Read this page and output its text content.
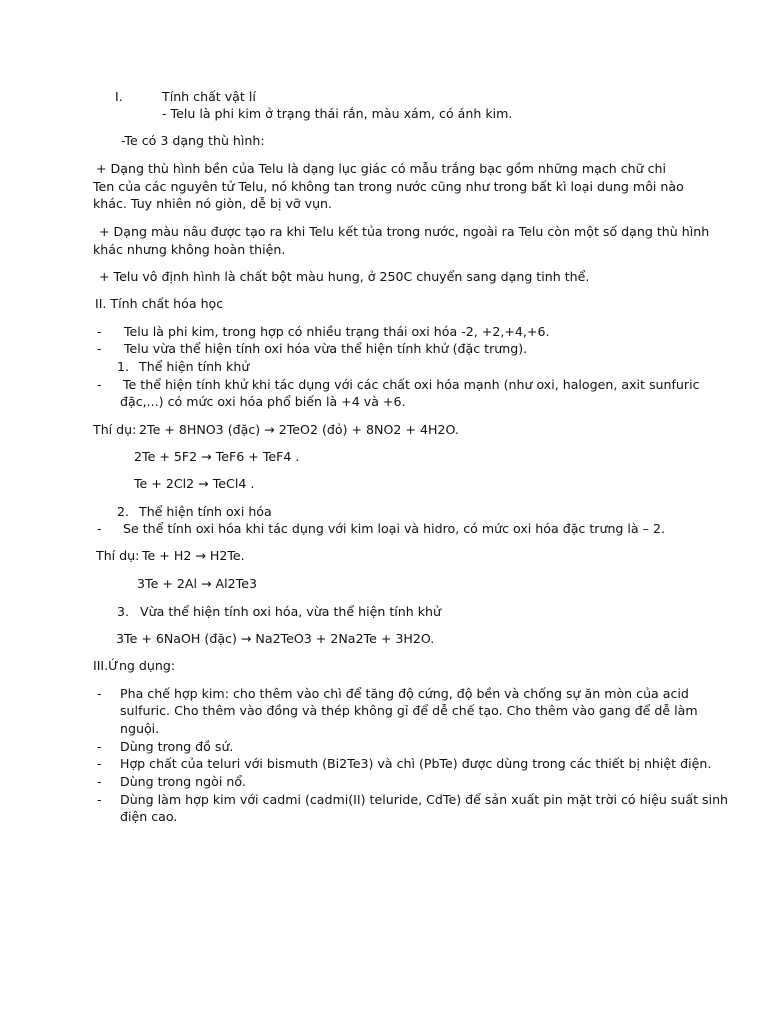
I.	Tính chất vật lí
- Telu là phi kim ở trạng thái rắn, màu xám, có ánh kim.
-Te có 3 dạng thù hình:
+ Dạng thù hình bền của Telu là dạng lục giác có mẫu trắng bạc gồm những mạch chữ chi
Ten của các nguyên tử Telu, nó không tan trong nước cũng như trong bất kì loại dung môi nào
khác. Tuy nhiên nó giòn, dễ bị vỡ vụn.
+ Dạng màu nâu được tạo ra khi Telu kết tủa trong nước, ngoài ra Telu còn một số dạng thù hình
khác nhưng không hoàn thiện.
+ Telu vô định hình là chất bột màu hung, ở 250C chuyển sang dạng tinh thể.
II. Tính chất hóa học
- Telu là phi kim, trong hợp có nhiều trạng thái oxi hóa -2, +2,+4,+6.
- Telu vừa thể hiện tính oxi hóa vừa thể hiện tính khử (đặc trưng).
1. Thể hiện tính khử
- Te thể hiện tính khử khi tác dụng với các chất oxi hóa mạnh (như oxi, halogen, axit sunfuric
đặc,...) có mức oxi hóa phổ biến là +4 và +6.
Thí dụ: 2Te + 8HNO3 (đặc) → 2TeO2 (đỏ) + 8NO2 + 4H2O.
2Te + 5F2 → TeF6 + TeF4 .
Te + 2Cl2 → TeCl4 .
2. Thể hiện tính oxi hóa
- Se thể tính oxi hóa khi tác dụng với kim loại và hidro, có mức oxi hóa đặc trưng là – 2.
Thí dụ: Te + H2 → H2Te.
3Te + 2Al → Al2Te3
3. Vừa thể hiện tính oxi hóa, vừa thể hiện tính khử
3Te + 6NaOH (đặc) → Na2TeO3 + 2Na2Te + 3H2O.
III.Ứng dụng:
- Pha chế hợp kim: cho thêm vào chì để tăng độ cứng, độ bền và chống sự ăn mòn của acid
sulfuric. Cho thêm vào đồng và thép không gỉ để dễ chế tạo. Cho thêm vào gang để dễ làm
nguội.
- Dùng trong đồ sứ.
- Hợp chất của teluri với bismuth (Bi2Te3) và chì (PbTe) được dùng trong các thiết bị nhiệt điện.
- Dùng trong ngòi nổ.
- Dùng làm hợp kim với cadmi (cadmi(II) teluride, CdTe) để sản xuất pin mặt trời có hiệu suất sinh
điện cao.
